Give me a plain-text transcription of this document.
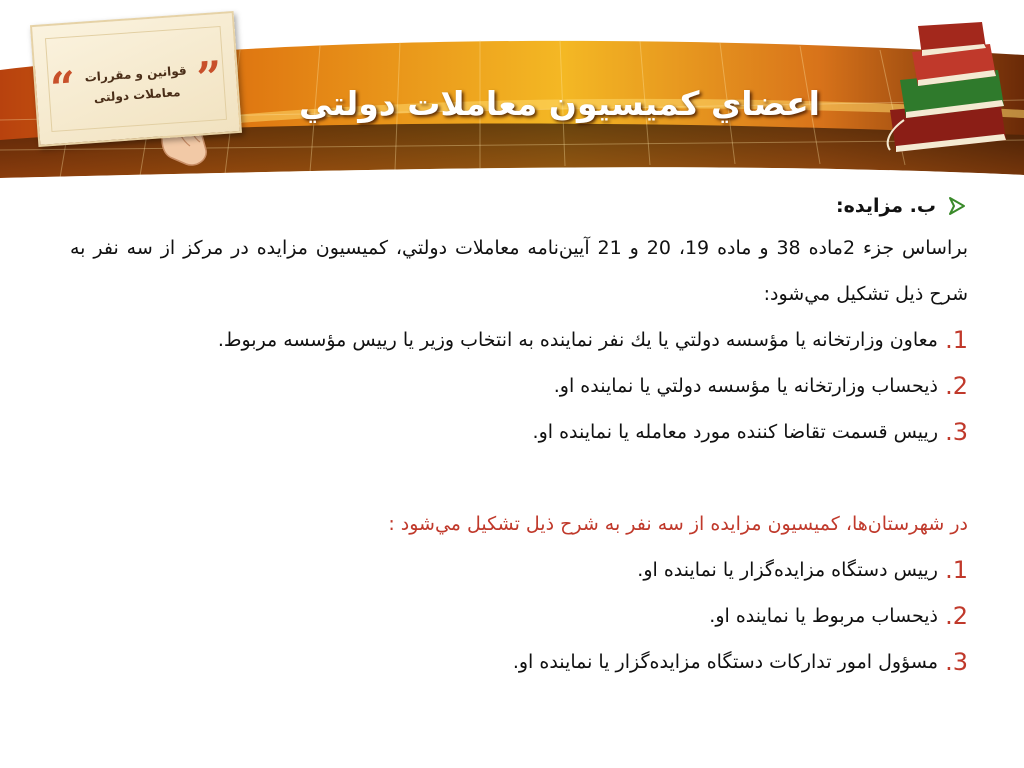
“	”
قوانين و مقررات
معاملات دولتی	اعضاي كميسيون معاملات دولتي
ب. مزايده:

براساس جزء 2ماده 38 و ماده 19، 20 و 21 آيين‌نامه معاملات دولتي، كميسيون مزايده در مركز از سه نفر به شرح ذيل تشكيل مي‌شود:

.1
معاون وزارتخانه يا مؤسسه دولتي يا يك نفر نماينده به انتخاب وزير يا ريیس مؤسسه مربوط.
.2
ذيحساب وزارتخانه يا مؤسسه دولتي يا نماينده او.
.3
ريیس قسمت تقاضا كننده مورد معامله يا نماينده او.

در شهرستان‌ها، كميسيون مزايده از سه نفر به شرح ذيل تشكيل مي‌شود :

.1
ريیس دستگاه مزايده‌گزار يا نماينده او.
.2
ذيحساب مربوط يا نماينده او.
.3
مسؤول امور تداركات دستگاه مزايده‌گزار يا نماينده او.
